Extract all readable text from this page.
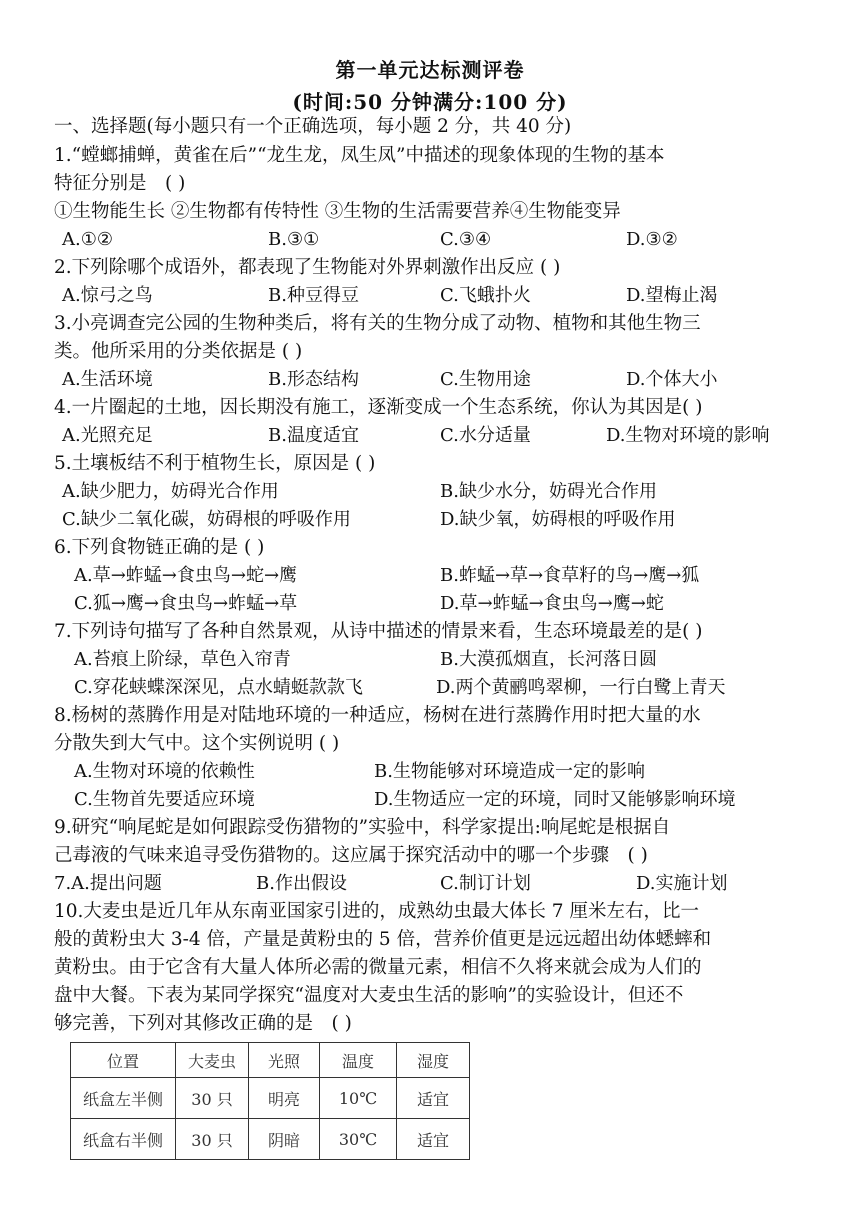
第一单元达标测评卷
(时间:50 分钟满分:100 分)
一、选择题(每小题只有一个正确选项，每小题 2 分，共 40 分)
1.“螳螂捕蝉，黄雀在后”“龙生龙，凤生凤”中描述的现象体现的生物的基本
特征分别是　( )
①生物能生长 ②生物都有传特性 ③生物的生活需要营养④生物能变异
A.①②	B.③①	C.③④	D.③②
2.下列除哪个成语外，都表现了生物能对外界刺激作出反应 ( )
A.惊弓之鸟	B.种豆得豆	C.飞蛾扑火	D.望梅止渴
3.小亮调查完公园的生物种类后，将有关的生物分成了动物、植物和其他生物三
类。他所采用的分类依据是 ( )
A.生活环境	B.形态结构	C.生物用途	D.个体大小
4.一片圈起的土地，因长期没有施工，逐渐变成一个生态系统，你认为其因是( )
A.光照充足	B.温度适宜	C.水分适量	D.生物对环境的影响
5.土壤板结不利于植物生长，原因是 ( )
A.缺少肥力，妨碍光合作用	B.缺少水分，妨碍光合作用
C.缺少二氧化碳，妨碍根的呼吸作用	D.缺少氧，妨碍根的呼吸作用
6.下列食物链正确的是 ( )
A.草→蚱蜢→食虫鸟→蛇→鹰	B.蚱蜢→草→食草籽的鸟→鹰→狐
C.狐→鹰→食虫鸟→蚱蜢→草	D.草→蚱蜢→食虫鸟→鹰→蛇
7.下列诗句描写了各种自然景观，从诗中描述的情景来看，生态环境最差的是( )
A.苔痕上阶绿，草色入帘青	B.大漠孤烟直，长河落日圆
C.穿花蛱蝶深深见，点水蜻蜓款款飞	D.两个黄鹂鸣翠柳，一行白鹭上青天
8.杨树的蒸腾作用是对陆地环境的一种适应，杨树在进行蒸腾作用时把大量的水
分散失到大气中。这个实例说明 ( )
A.生物对环境的依赖性	B.生物能够对环境造成一定的影响
C.生物首先要适应环境	D.生物适应一定的环境，同时又能够影响环境
9.研究“响尾蛇是如何跟踪受伤猎物的”实验中，科学家提出:响尾蛇是根据自
己毒液的气味来追寻受伤猎物的。这应属于探究活动中的哪一个步骤　( )
7.A.提出问题	B.作出假设	C.制订计划	D.实施计划
10.大麦虫是近几年从东南亚国家引进的，成熟幼虫最大体长 7 厘米左右，比一
般的黄粉虫大 3-4 倍，产量是黄粉虫的 5 倍，营养价值更是远远超出幼体蟋蟀和
黄粉虫。由于它含有大量人体所必需的微量元素，相信不久将来就会成为人们的
盘中大餐。下表为某同学探究“温度对大麦虫生活的影响”的实验设计，但还不
够完善，下列对其修改正确的是　( )
位置	大麦虫	光照	温度	湿度
纸盒左半侧	30 只	明亮	10℃	适宜
纸盒右半侧	30 只	阴暗	30℃	适宜
